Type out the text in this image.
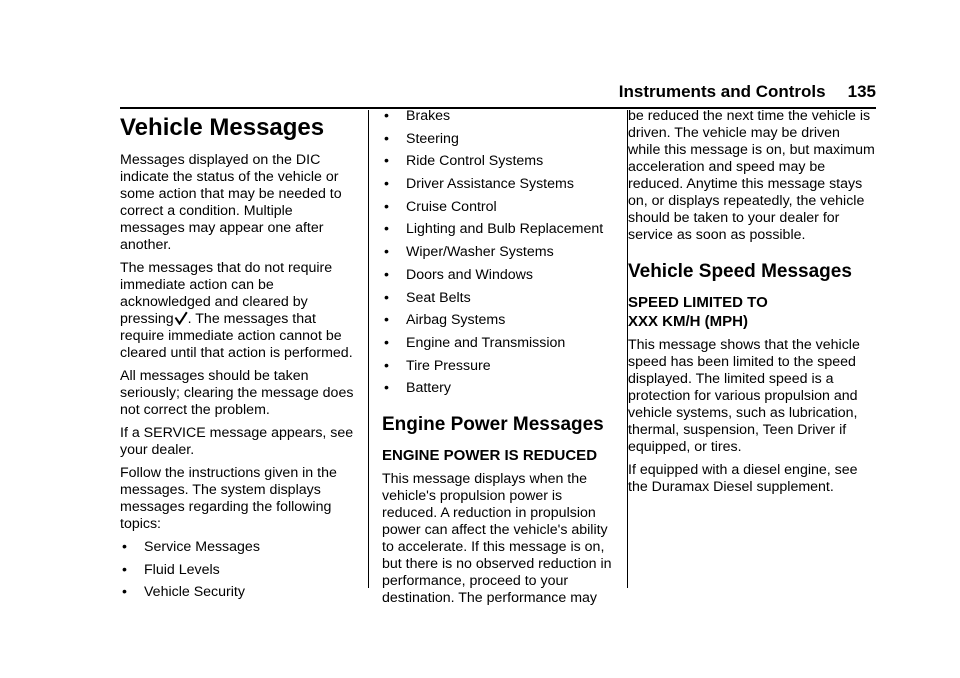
Instruments and Controls 135
Vehicle Messages

Messages displayed on the DIC indicate the status of the vehicle or some action that may be needed to correct a condition. Multiple messages may appear one after another.

The messages that do not require immediate action can be acknowledged and cleared by pressing . The messages that require immediate action cannot be cleared until that action is performed.

All messages should be taken seriously; clearing the message does not correct the problem.

If a SERVICE message appears, see your dealer.

Follow the instructions given in the messages. The system displays messages regarding the following topics:

• Service Messages
• Fluid Levels
• Vehicle Security
• Brakes
• Steering
• Ride Control Systems
• Driver Assistance Systems
• Cruise Control
• Lighting and Bulb Replacement
• Wiper/Washer Systems
• Doors and Windows
• Seat Belts
• Airbag Systems
• Engine and Transmission
• Tire Pressure
• Battery
Engine Power Messages
ENGINE POWER IS REDUCED

This message displays when the vehicle's propulsion power is reduced. A reduction in propulsion power can affect the vehicle's ability to accelerate. If this message is on, but there is no observed reduction in performance, proceed to your destination. The performance may

be reduced the next time the vehicle is driven. The vehicle may be driven while this message is on, but maximum acceleration and speed may be reduced. Anytime this message stays on, or displays repeatedly, the vehicle should be taken to your dealer for service as soon as possible.

Vehicle Speed Messages
SPEED LIMITED TO
XXX KM/H (MPH)

This message shows that the vehicle speed has been limited to the speed displayed. The limited speed is a protection for various propulsion and vehicle systems, such as lubrication, thermal, suspension, Teen Driver if equipped, or tires.

If equipped with a diesel engine, see the Duramax Diesel supplement.
